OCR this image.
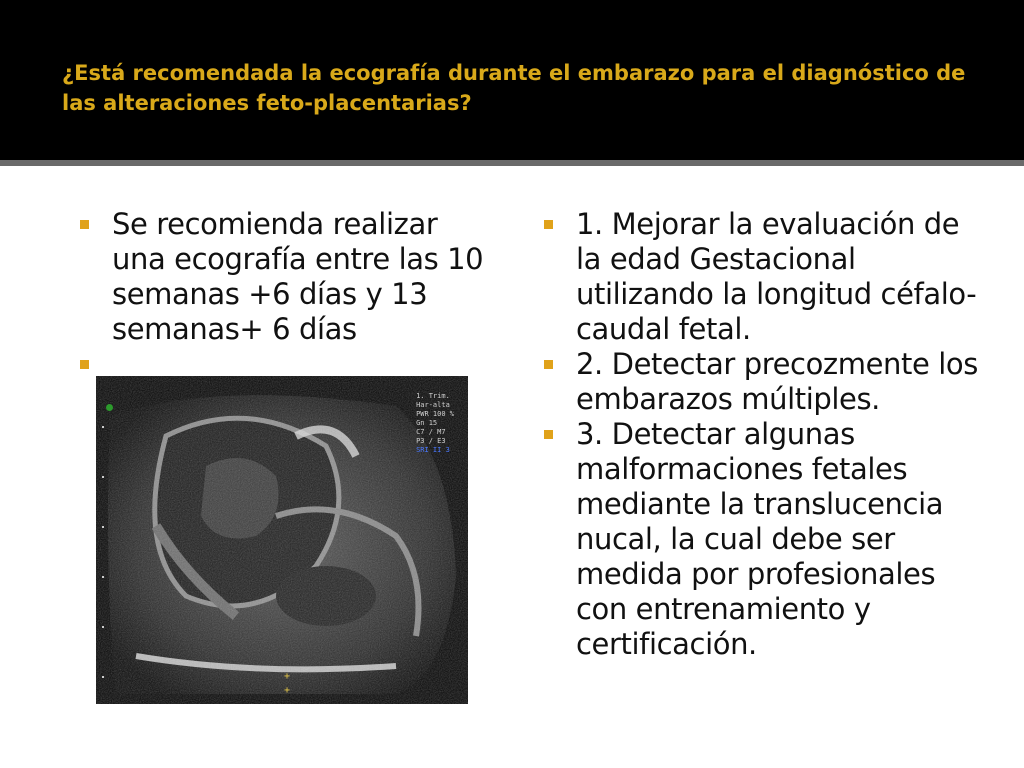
¿Está recomendada la ecografía durante el embarazo para el diagnóstico de las alteraciones feto-placentarias?
Se recomienda realizar una ecografía entre las 10 semanas +6 días y 13 semanas+ 6 días
1. Trim.
Har-alta
PWR 100 %
Gn 15
C7 / M7
P3 / E3
SRI II 3
+
+
1. Mejorar la evaluación de la edad Gestacional utilizando la longitud céfalo-caudal fetal.
2. Detectar precozmente los embarazos múltiples.
3. Detectar algunas malformaciones fetales mediante la translucencia nucal, la cual debe ser medida por profesionales con entrenamiento y certificación.
